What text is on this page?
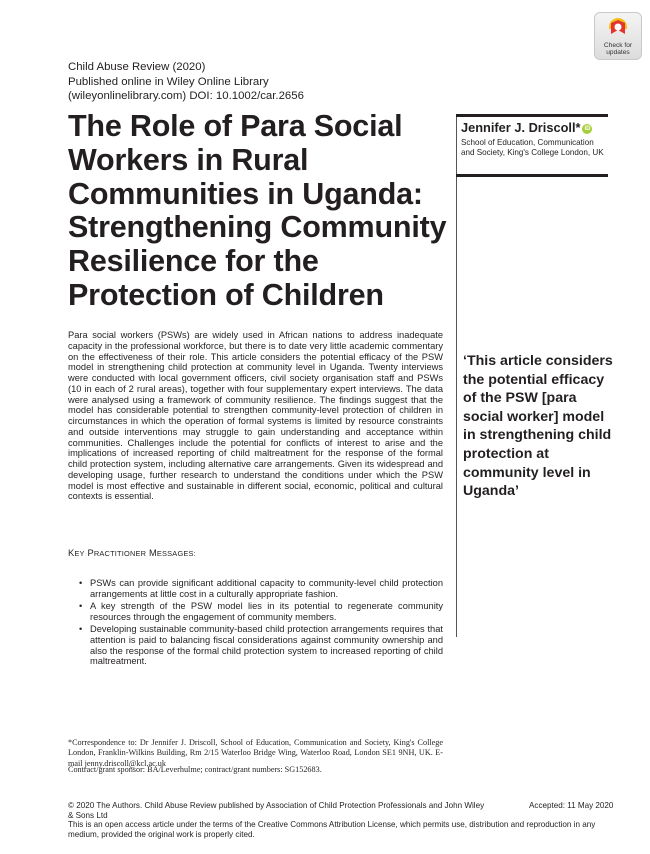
Child Abuse Review (2020)
Published online in Wiley Online Library
(wileyonlinelibrary.com) DOI: 10.1002/car.2656
Check for updates
The Role of Para Social Workers in Rural Communities in Uganda: Strengthening Community Resilience for the Protection of Children
Jennifer J. Driscoll* iD
School of Education, Communication and Society, King's College London, UK
‘This article considers the potential efficacy of the PSW [para social worker] model in strengthening child protection at community level in Uganda’
Para social workers (PSWs) are widely used in African nations to address inadequate capacity in the professional workforce, but there is to date very little academic commentary on the effectiveness of their role. This article considers the potential efficacy of the PSW model in strengthening child protection at community level in Uganda. Twenty interviews were conducted with local government officers, civil society organisation staff and PSWs (10 in each of 2 rural areas), together with four supplementary expert interviews. The data were analysed using a framework of community resilience. The findings suggest that the model has considerable potential to strengthen community-level protection of children in circumstances in which the operation of formal systems is limited by resource constraints and outside interventions may struggle to gain understanding and acceptance within communities. Challenges include the potential for conflicts of interest to arise and the implications of increased reporting of child maltreatment for the response of the formal child protection system, including alternative care arrangements. Given its widespread and developing usage, further research to understand the conditions under which the PSW model is most effective and sustainable in different social, economic, political and cultural contexts is essential.
KEY PRACTITIONER MESSAGES:
• PSWs can provide significant additional capacity to community-level child protection arrangements at little cost in a culturally appropriate fashion.
• A key strength of the PSW model lies in its potential to regenerate community resources through the engagement of community members.
• Developing sustainable community-based child protection arrangements requires that attention is paid to balancing fiscal considerations against community ownership and also the response of the formal child protection system to increased reporting of child maltreatment.
*Correspondence to: Dr Jennifer J. Driscoll, School of Education, Communication and Society, King's College London, Franklin-Wilkins Building, Rm 2/15 Waterloo Bridge Wing, Waterloo Road, London SE1 9NH, UK. E-mail jenny.driscoll@kcl.ac.uk
Contract/grant sponsor: BA/Leverhulme; contract/grant numbers: SG152683.
© 2020 The Authors. Child Abuse Review published by Association of Child Protection Professionals and John Wiley & Sons Ltd
Accepted: 11 May 2020
This is an open access article under the terms of the Creative Commons Attribution License, which permits use, distribution and reproduction in any medium, provided the original work is properly cited.
